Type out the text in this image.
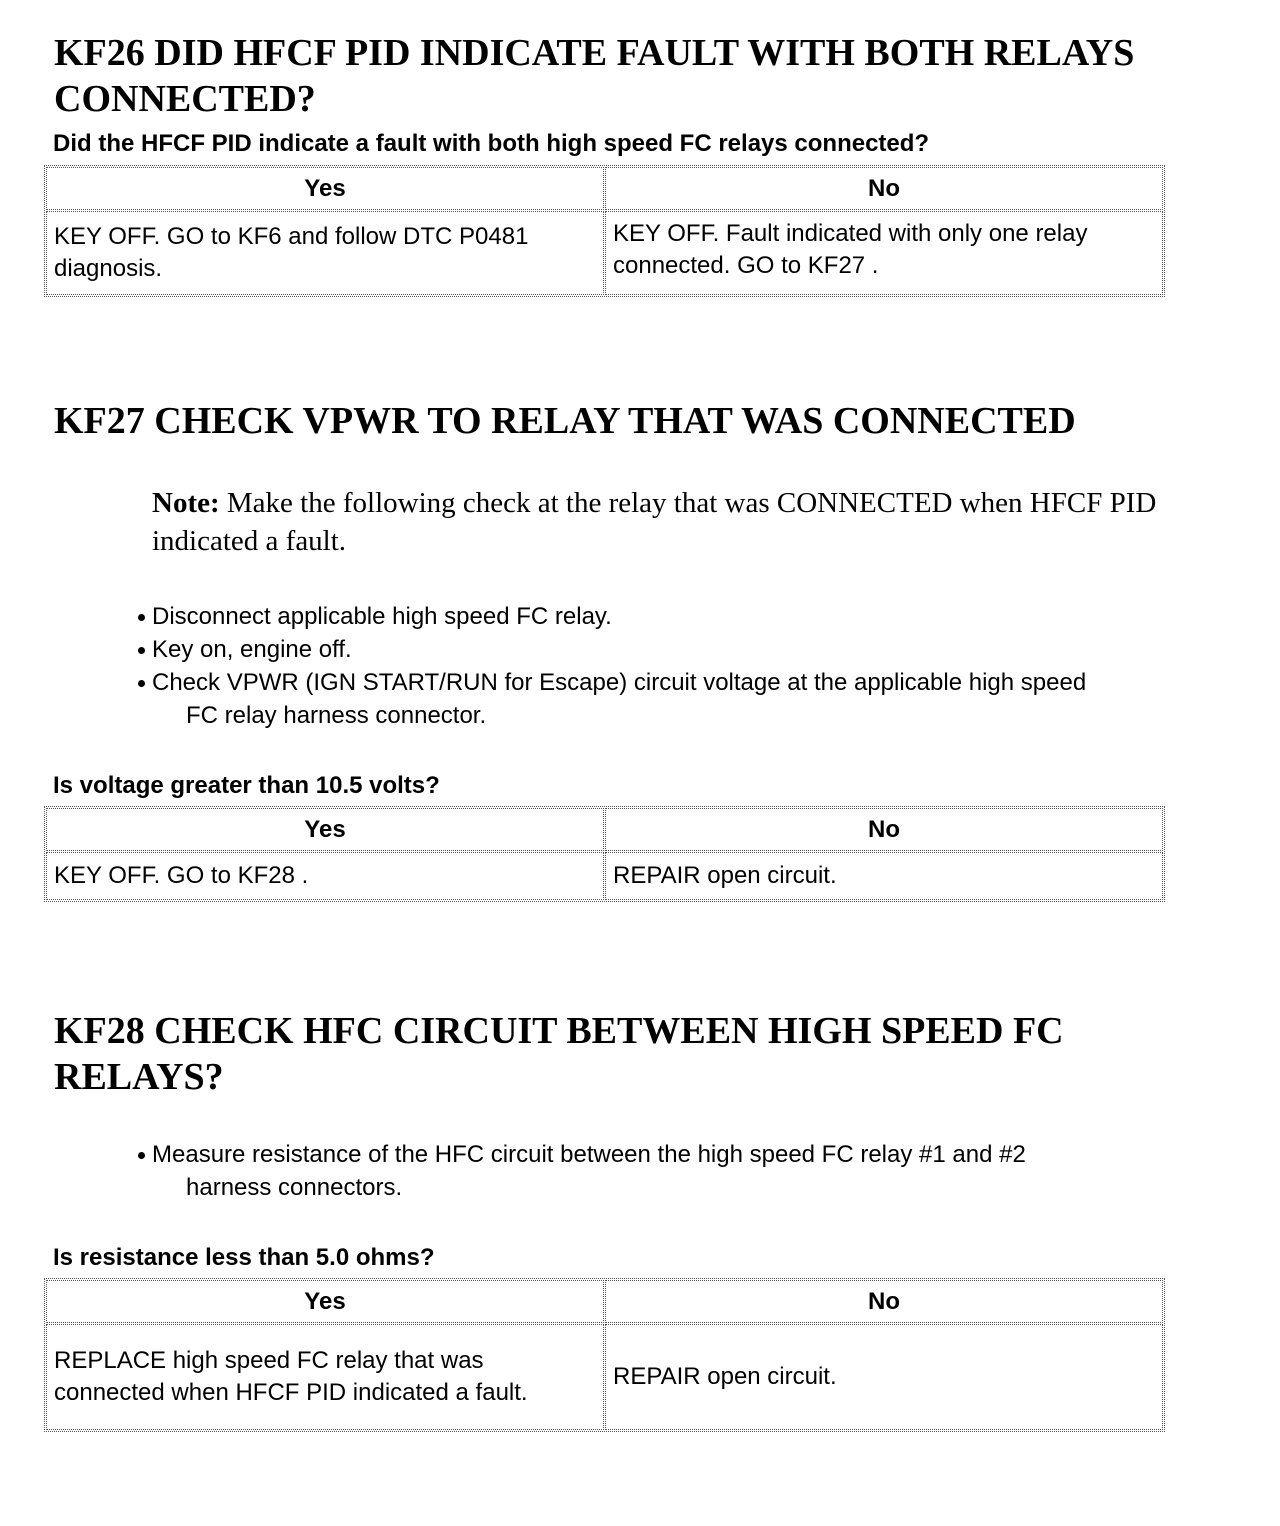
KF26 DID HFCF PID INDICATE FAULT WITH BOTH RELAYS CONNECTED?

Did the HFCF PID indicate a fault with both high speed FC relays connected?

Yes	No
KEY OFF. GO to KF6 and follow DTC P0481 diagnosis.	KEY OFF. Fault indicated with only one relay connected. GO to KF27 .
KF27 CHECK VPWR TO RELAY THAT WAS CONNECTED

Note: Make the following check at the relay that was CONNECTED when HFCF PID indicated a fault.

Disconnect applicable high speed FC relay.
Key on, engine off.
Check VPWR (IGN START/RUN for Escape) circuit voltage at the applicable high speed
FC relay harness connector.

Is voltage greater than 10.5 volts?

Yes	No
KEY OFF. GO to KF28 .	REPAIR open circuit.
KF28 CHECK HFC CIRCUIT BETWEEN HIGH SPEED FC RELAYS?
Measure resistance of the HFC circuit between the high speed FC relay #1 and #2
harness connectors.

Is resistance less than 5.0 ohms?

Yes	No
REPLACE high speed FC relay that was connected when HFCF PID indicated a fault.	REPAIR open circuit.
